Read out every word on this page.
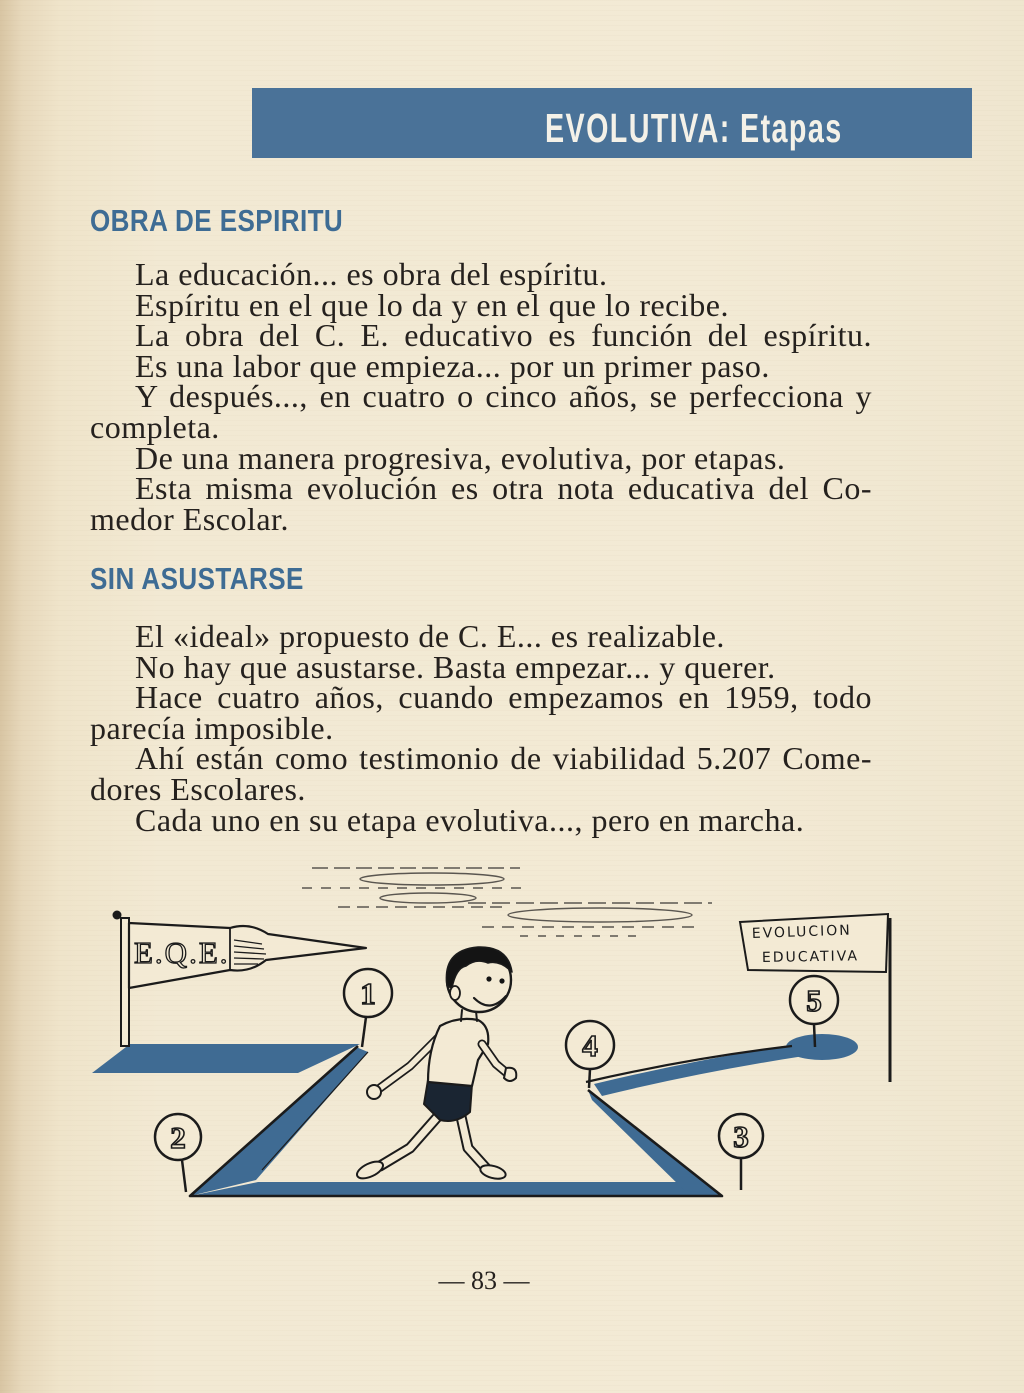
EVOLUTIVA: Etapas
OBRA DE ESPIRITU
La educación... es obra del espíritu.
Espíritu en el que lo da y en el que lo recibe.
La obra del C. E. educativo es función del espíritu.
Es una labor que empieza... por un primer paso.
Y después..., en cuatro o cinco años, se perfecciona y
completa.
De una manera progresiva, evolutiva, por etapas.
Esta misma evolución es otra nota educativa del Co-
medor Escolar.
SIN ASUSTARSE
El «ideal» propuesto de C. E... es realizable.
No hay que asustarse. Basta empezar... y querer.
Hace cuatro años, cuando empezamos en 1959, todo
parecía imposible.
Ahí están como testimonio de viabilidad 5.207 Come-
dores Escolares.
Cada uno en su etapa evolutiva..., pero en marcha.
E.Q.E.
EVOLUCION
EDUCATIVA
1
2	3
4
5
— 83 —
